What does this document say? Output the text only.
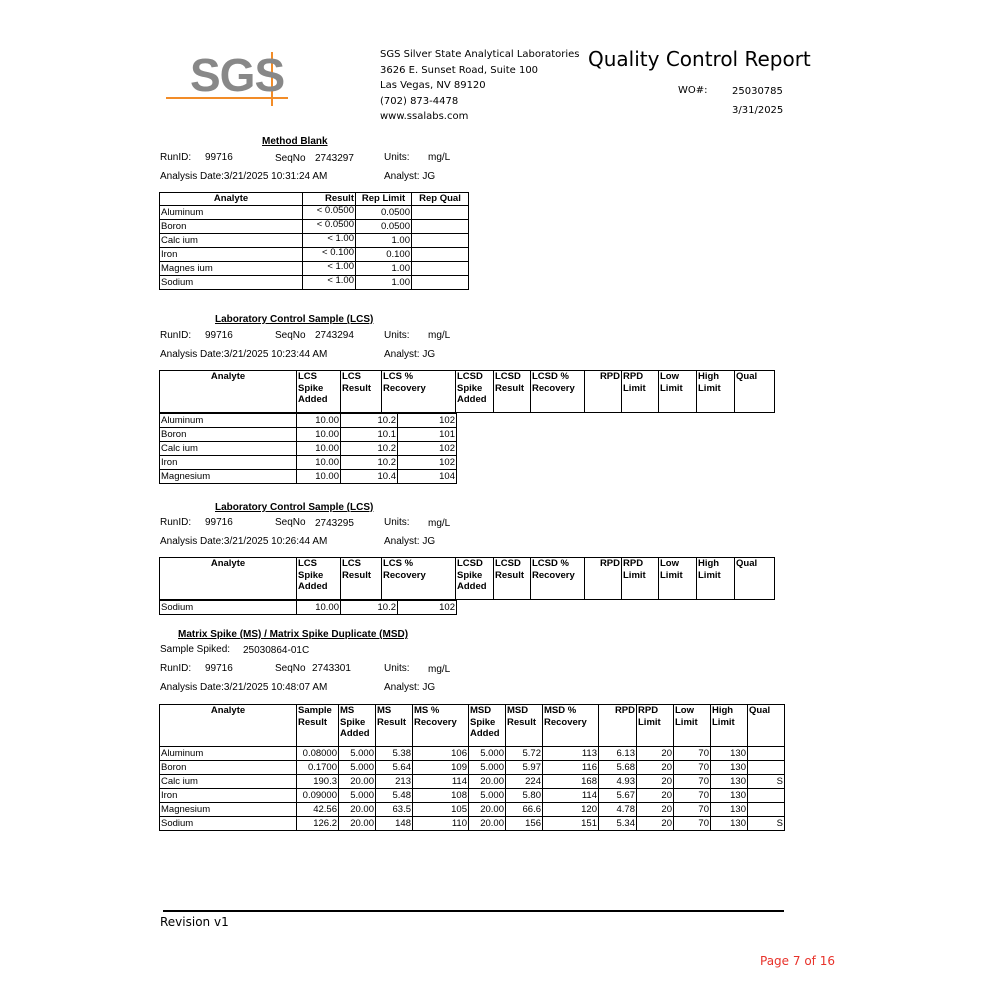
SGS	SGS Silver State Analytical Laboratories
3626 E. Sunset Road, Suite 100
Las Vegas, NV 89120
(702) 873-4478
www.ssalabs.com
Quality Control Report
WO#: 25030785
3/31/2025
Method Blank
RunID: 99716	SeqNo 2743297	Units: mg/L
Analysis Date:3/21/2025 10:31:24 AM	Analyst: JG
Analyte	Result	Rep Limit	Rep Qual
Aluminum	< 0.0500	0.0500	
Boron	< 0.0500	0.0500	
Calc ium	< 1.00	1.00	
Iron	< 0.100	0.100	
Magnes ium	< 1.00	1.00	
Sodium	< 1.00	1.00	
Laboratory Control Sample (LCS)
RunID: 99716	SeqNo 2743294	Units: mg/L
Analysis Date:3/21/2025 10:23:44 AM	Analyst: JG
Analyte	LCS Spike Added	LCS Result	LCS % Recovery	LCSD Spike Added	LCSD Result	LCSD % Recovery	RPD	RPD Limit	Low Limit	High Limit	Qual
Aluminum	10.00	10.2	102
Boron	10.00	10.1	101
Calc ium	10.00	10.2	102
Iron	10.00	10.2	102
Magnesium	10.00	10.4	104
Laboratory Control Sample (LCS)
RunID: 99716	SeqNo 2743295	Units: mg/L
Analysis Date:3/21/2025 10:26:44 AM	Analyst: JG
Analyte	LCS Spike Added	LCS Result	LCS % Recovery	LCSD Spike Added	LCSD Result	LCSD % Recovery	RPD	RPD Limit	Low Limit	High Limit	Qual
Sodium	10.00	10.2	102
Matrix Spike (MS) / Matrix Spike Duplicate (MSD)
Sample Spiked: 25030864-01C
RunID: 99716	SeqNo 2743301	Units: mg/L
Analysis Date:3/21/2025 10:48:07 AM	Analyst: JG
Analyte	Sample Result	MS Spike Added	MS Result	MS % Recovery	MSD Spike Added	MSD Result	MSD % Recovery	RPD	RPD Limit	Low Limit	High Limit	Qual
Aluminum	0.08000	5.000	5.38	106	5.000	5.72	113	6.13	20	70	130	
Boron	0.1700	5.000	5.64	109	5.000	5.97	116	5.68	20	70	130	
Calc ium	190.3	20.00	213	114	20.00	224	168	4.93	20	70	130	S
Iron	0.09000	5.000	5.48	108	5.000	5.80	114	5.67	20	70	130	
Magnesium	42.56	20.00	63.5	105	20.00	66.6	120	4.78	20	70	130	
Sodium	126.2	20.00	148	110	20.00	156	151	5.34	20	70	130	S
Revision v1
Page 7 of 16
